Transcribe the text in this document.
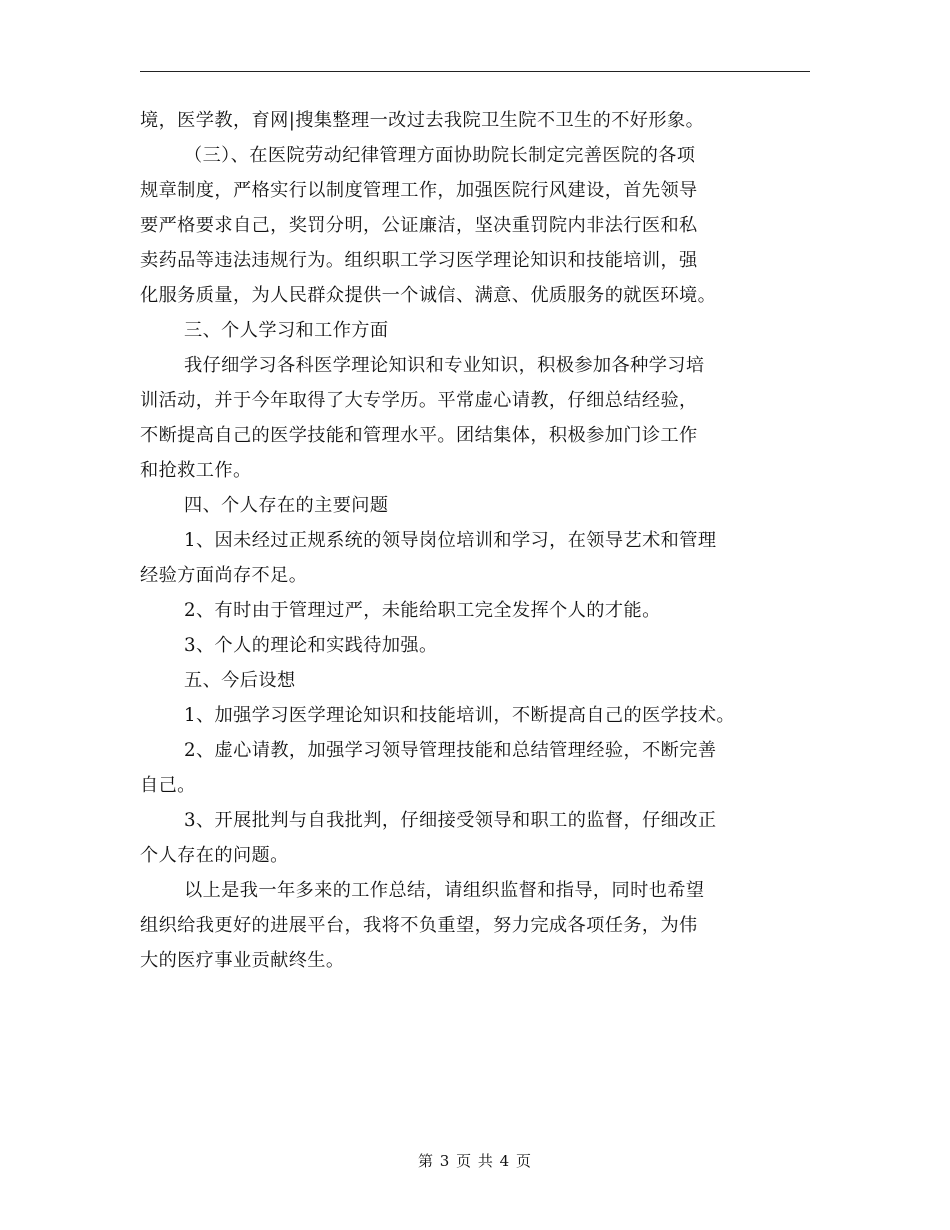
境，医学教，育网|搜集整理一改过去我院卫生院不卫生的不好形象。
（三）、在医院劳动纪律管理方面协助院长制定完善医院的各项
规章制度，严格实行以制度管理工作，加强医院行风建设，首先领导
要严格要求自己，奖罚分明，公证廉洁，坚决重罚院内非法行医和私
卖药品等违法违规行为。组织职工学习医学理论知识和技能培训，强
化服务质量，为人民群众提供一个诚信、满意、优质服务的就医环境。
三、个人学习和工作方面
我仔细学习各科医学理论知识和专业知识，积极参加各种学习培
训活动，并于今年取得了大专学历。平常虚心请教，仔细总结经验，
不断提高自己的医学技能和管理水平。团结集体，积极参加门诊工作
和抢救工作。
四、个人存在的主要问题
1、因未经过正规系统的领导岗位培训和学习，在领导艺术和管理
经验方面尚存不足。
2、有时由于管理过严，未能给职工完全发挥个人的才能。
3、个人的理论和实践待加强。
五、今后设想
1、加强学习医学理论知识和技能培训，不断提高自己的医学技术。
2、虚心请教，加强学习领导管理技能和总结管理经验，不断完善
自己。
3、开展批判与自我批判，仔细接受领导和职工的监督，仔细改正
个人存在的问题。
以上是我一年多来的工作总结，请组织监督和指导，同时也希望
组织给我更好的进展平台，我将不负重望，努力完成各项任务，为伟
大的医疗事业贡献终生。
第 3 页 共 4 页
